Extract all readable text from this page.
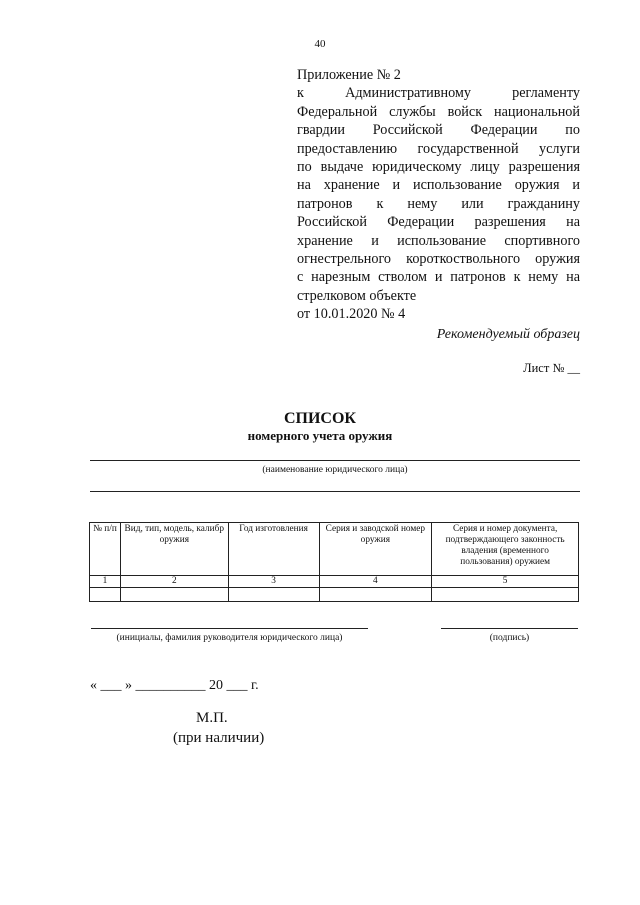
40
Приложение № 2
к Административному регламенту
Федеральной службы войск национальной
гвардии Российской Федерации по
предоставлению государственной услуги
по выдаче юридическому лицу разрешения
на хранение и использование оружия и
патронов к нему или гражданину
Российской Федерации разрешения на
хранение и использование спортивного
огнестрельного короткоствольного оружия
с нарезным стволом и патронов к нему на
стрелковом объекте
от 10.01.2020 № 4
Рекомендуемый образец
Лист № __
СПИСОК
номерного учета оружия
(наименование юридического лица)
№ п/п	Вид, тип, модель, калибр оружия	Год изготовления	Серия и заводской номер оружия	Серия и номер документа, подтверждающего законность владения (временного пользования) оружием
1	2	3	4	5

(инициалы, фамилия руководителя юридического лица)	(подпись)
« ___ » __________ 20 ___ г.
М.П.
(при наличии)
